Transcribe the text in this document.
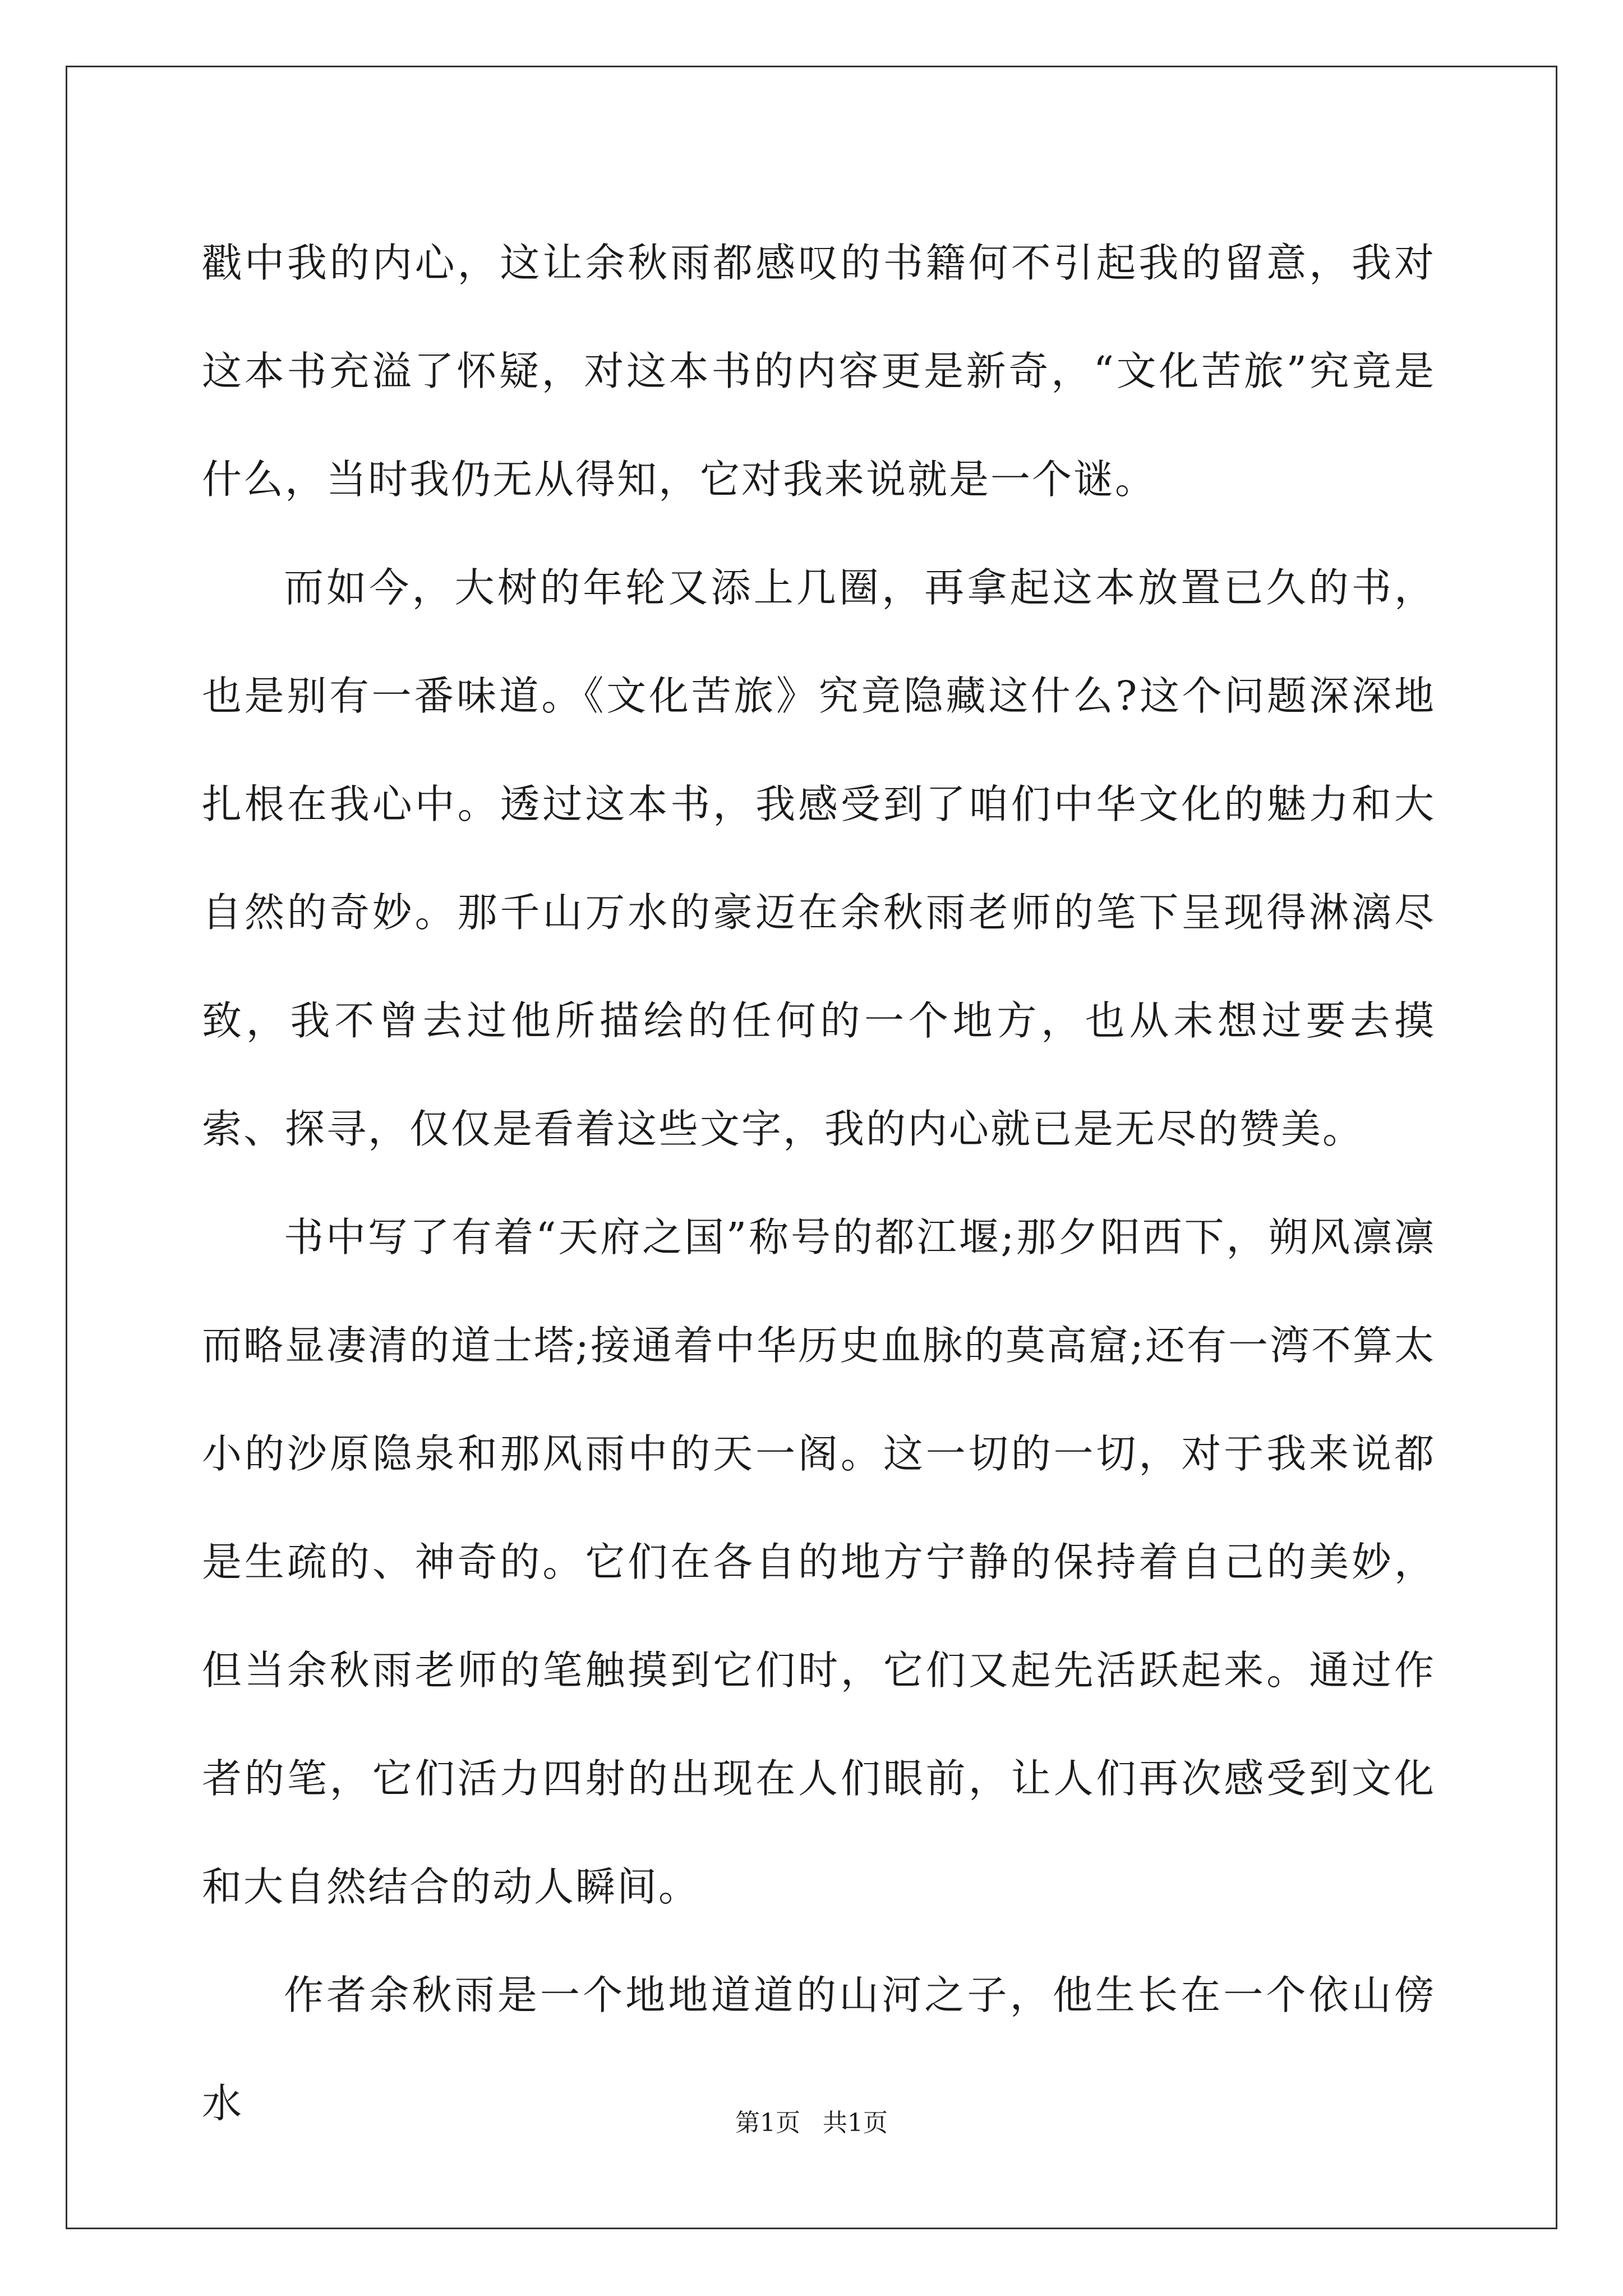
戳中我的内心，这让余秋雨都感叹的书籍何不引起我的留意，我对这本书充溢了怀疑，对这本书的内容更是新奇，“文化苦旅”究竟是什么，当时我仍无从得知，它对我来说就是一个谜。

而如今，大树的年轮又添上几圈，再拿起这本放置已久的书，也是别有一番味道。《文化苦旅》究竟隐藏这什么?这个问题深深地扎根在我心中。透过这本书，我感受到了咱们中华文化的魅力和大自然的奇妙。那千山万水的豪迈在余秋雨老师的笔下呈现得淋漓尽致，我不曾去过他所描绘的任何的一个地方，也从未想过要去摸索、探寻，仅仅是看着这些文字，我的内心就已是无尽的赞美。

书中写了有着“天府之国”称号的都江堰;那夕阳西下，朔风凛凛而略显凄清的道士塔;接通着中华历史血脉的莫高窟;还有一湾不算太小的沙原隐泉和那风雨中的天一阁。这一切的一切，对于我来说都是生疏的、神奇的。它们在各自的地方宁静的保持着自己的美妙，但当余秋雨老师的笔触摸到它们时，它们又起先活跃起来。通过作者的笔，它们活力四射的出现在人们眼前，让人们再次感受到文化和大自然结合的动人瞬间。

作者余秋雨是一个地地道道的山河之子，他生长在一个依山傍水	第1页 共1页
